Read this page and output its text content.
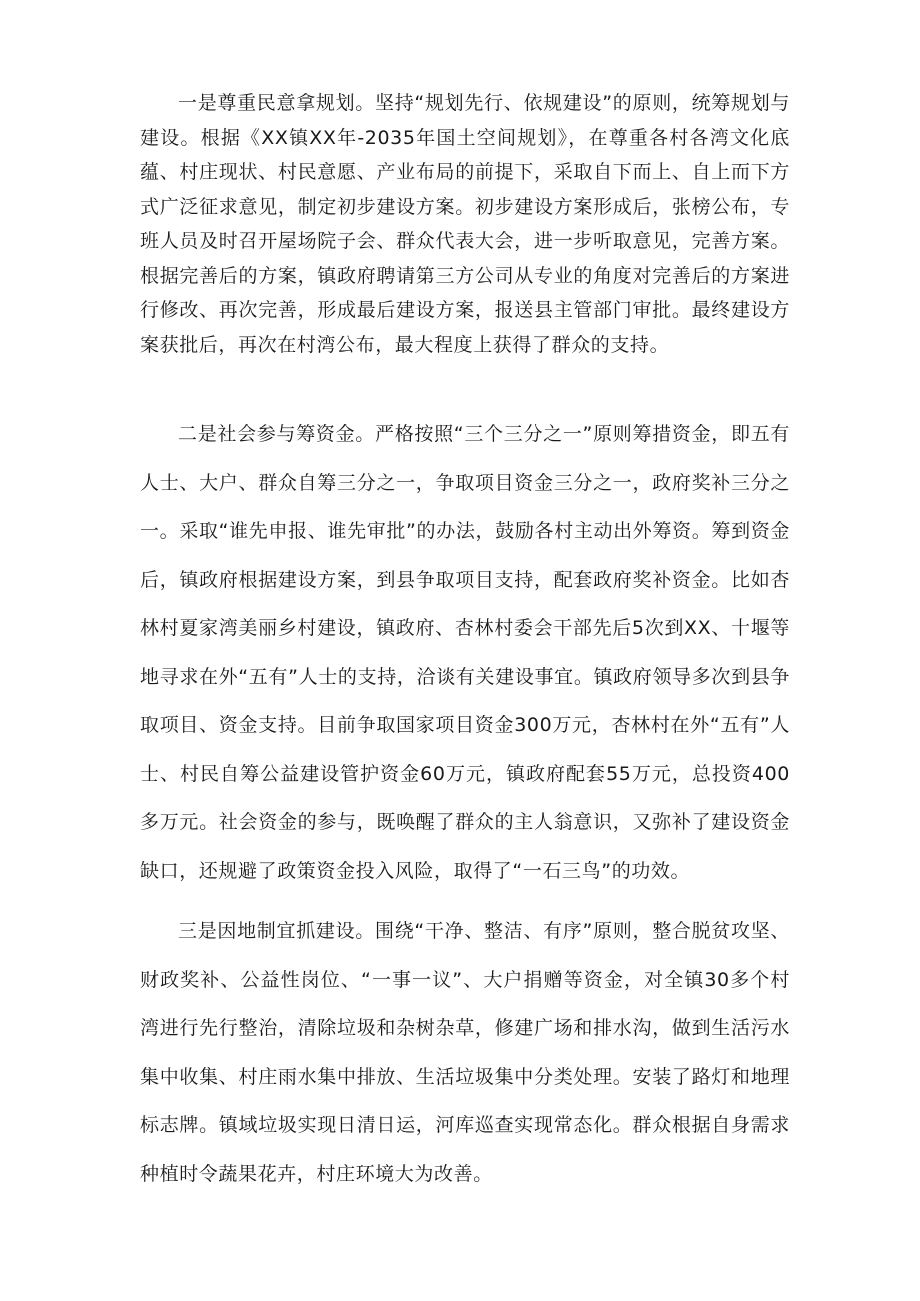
一是尊重民意拿规划。坚持“规划先行、依规建设”的原则，统筹规划与建设。根据《XX镇XX年-2035年国土空间规划》，在尊重各村各湾文化底蕴、村庄现状、村民意愿、产业布局的前提下，采取自下而上、自上而下方式广泛征求意见，制定初步建设方案。初步建设方案形成后，张榜公布，专班人员及时召开屋场院子会、群众代表大会，进一步听取意见，完善方案。根据完善后的方案，镇政府聘请第三方公司从专业的角度对完善后的方案进行修改、再次完善，形成最后建设方案，报送县主管部门审批。最终建设方案获批后，再次在村湾公布，最大程度上获得了群众的支持。

二是社会参与筹资金。严格按照“三个三分之一”原则筹措资金，即五有人士、大户、群众自筹三分之一，争取项目资金三分之一，政府奖补三分之一。采取“谁先申报、谁先审批”的办法，鼓励各村主动出外筹资。筹到资金后，镇政府根据建设方案，到县争取项目支持，配套政府奖补资金。比如杏林村夏家湾美丽乡村建设，镇政府、杏林村委会干部先后5次到XX、十堰等地寻求在外“五有”人士的支持，洽谈有关建设事宜。镇政府领导多次到县争取项目、资金支持。目前争取国家项目资金300万元，杏林村在外“五有”人士、村民自筹公益建设管护资金60万元，镇政府配套55万元，总投资400多万元。社会资金的参与，既唤醒了群众的主人翁意识，又弥补了建设资金缺口，还规避了政策资金投入风险，取得了“一石三鸟”的功效。

三是因地制宜抓建设。围绕“干净、整洁、有序”原则，整合脱贫攻坚、财政奖补、公益性岗位、“一事一议”、大户捐赠等资金，对全镇30多个村湾进行先行整治，清除垃圾和杂树杂草，修建广场和排水沟，做到生活污水集中收集、村庄雨水集中排放、生活垃圾集中分类处理。安装了路灯和地理标志牌。镇域垃圾实现日清日运，河库巡查实现常态化。群众根据自身需求种植时令蔬果花卉，村庄环境大为改善。
